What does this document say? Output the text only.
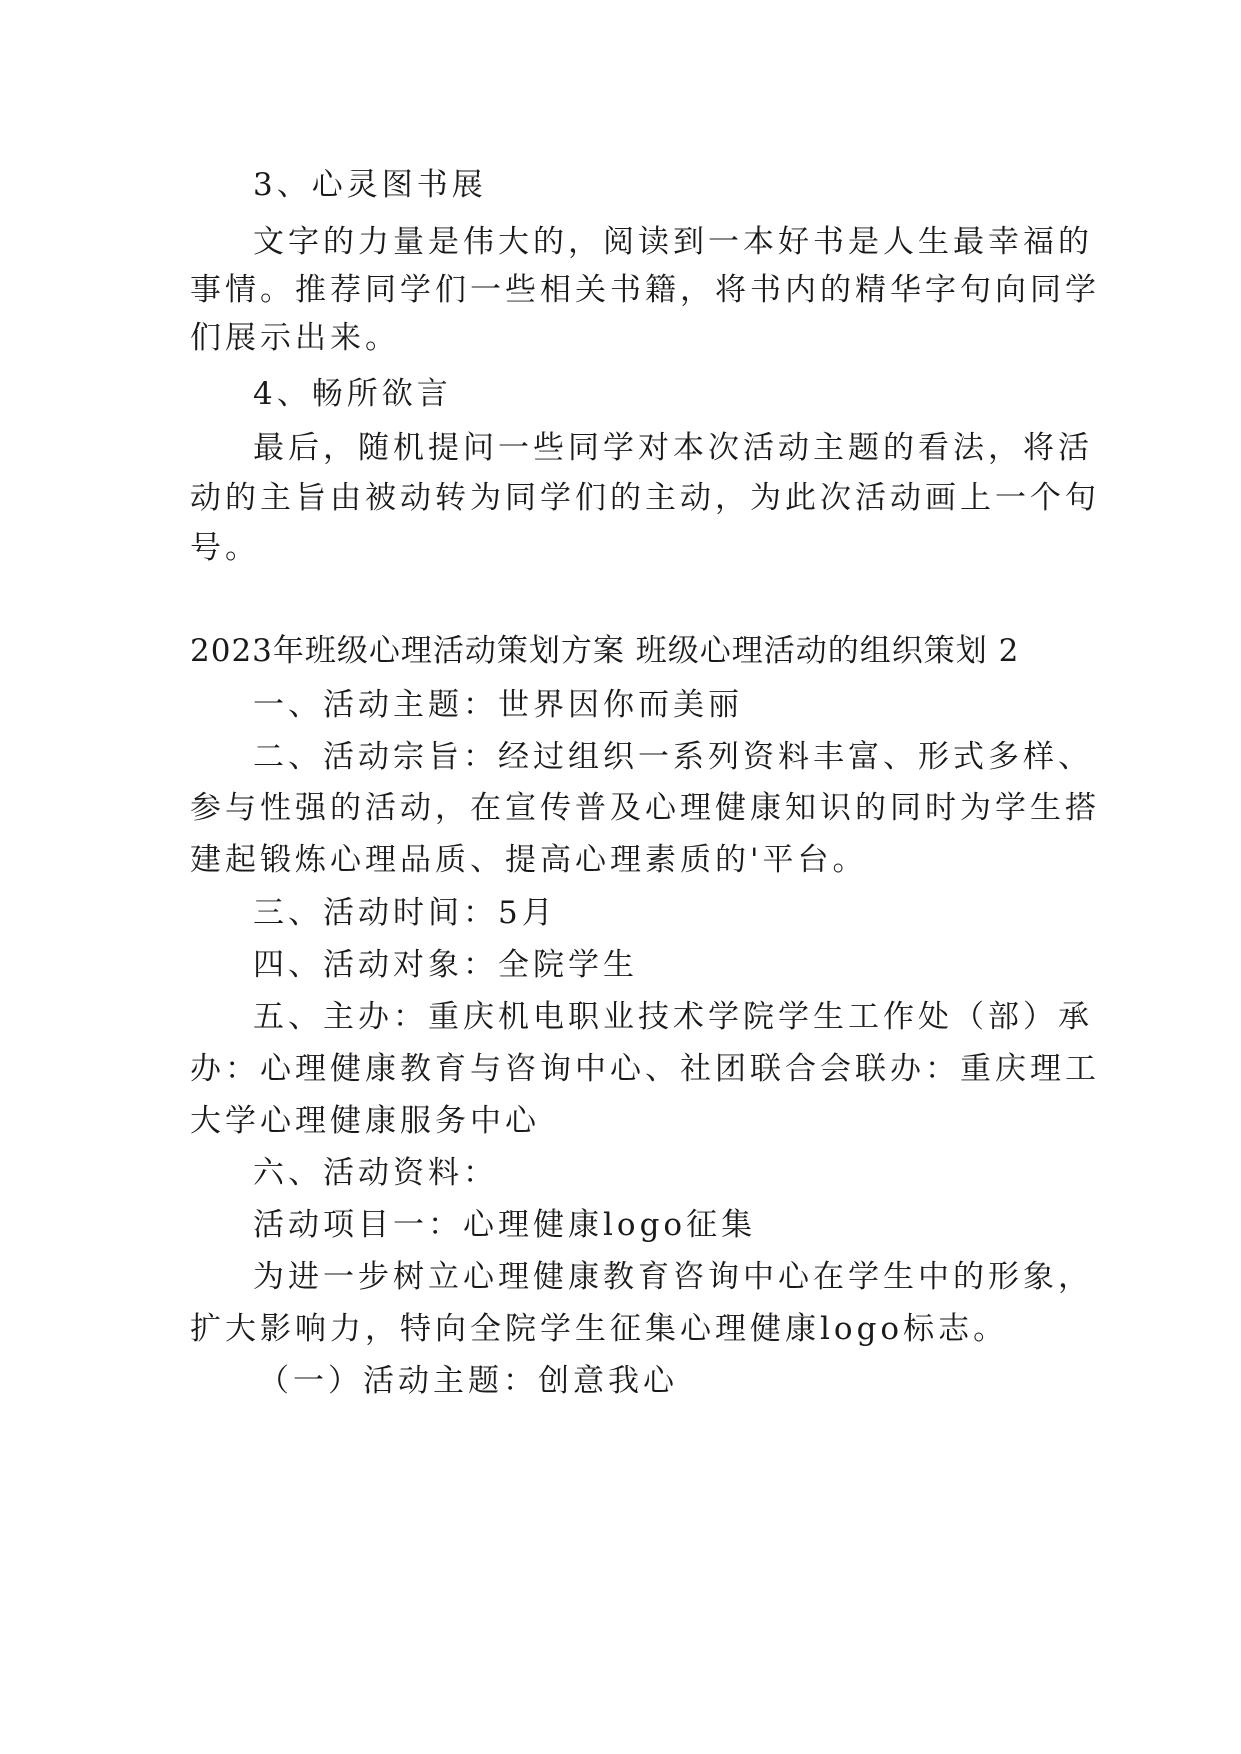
3、心灵图书展
文字的力量是伟大的，阅读到一本好书是人生最幸福的
事情。推荐同学们一些相关书籍，将书内的精华字句向同学
们展示出来。
4、畅所欲言
最后，随机提问一些同学对本次活动主题的看法，将活
动的主旨由被动转为同学们的主动，为此次活动画上一个句
号。
2023年班级心理活动策划方案 班级心理活动的组织策划 2
一、活动主题：世界因你而美丽
二、活动宗旨：经过组织一系列资料丰富、形式多样、
参与性强的活动，在宣传普及心理健康知识的同时为学生搭
建起锻炼心理品质、提高心理素质的'平台。
三、活动时间：5月
四、活动对象：全院学生
五、主办：重庆机电职业技术学院学生工作处（部）承
办：心理健康教育与咨询中心、社团联合会联办：重庆理工
大学心理健康服务中心
六、活动资料：
活动项目一：心理健康logo征集
为进一步树立心理健康教育咨询中心在学生中的形象，
扩大影响力，特向全院学生征集心理健康logo标志。
（一）活动主题：创意我心
